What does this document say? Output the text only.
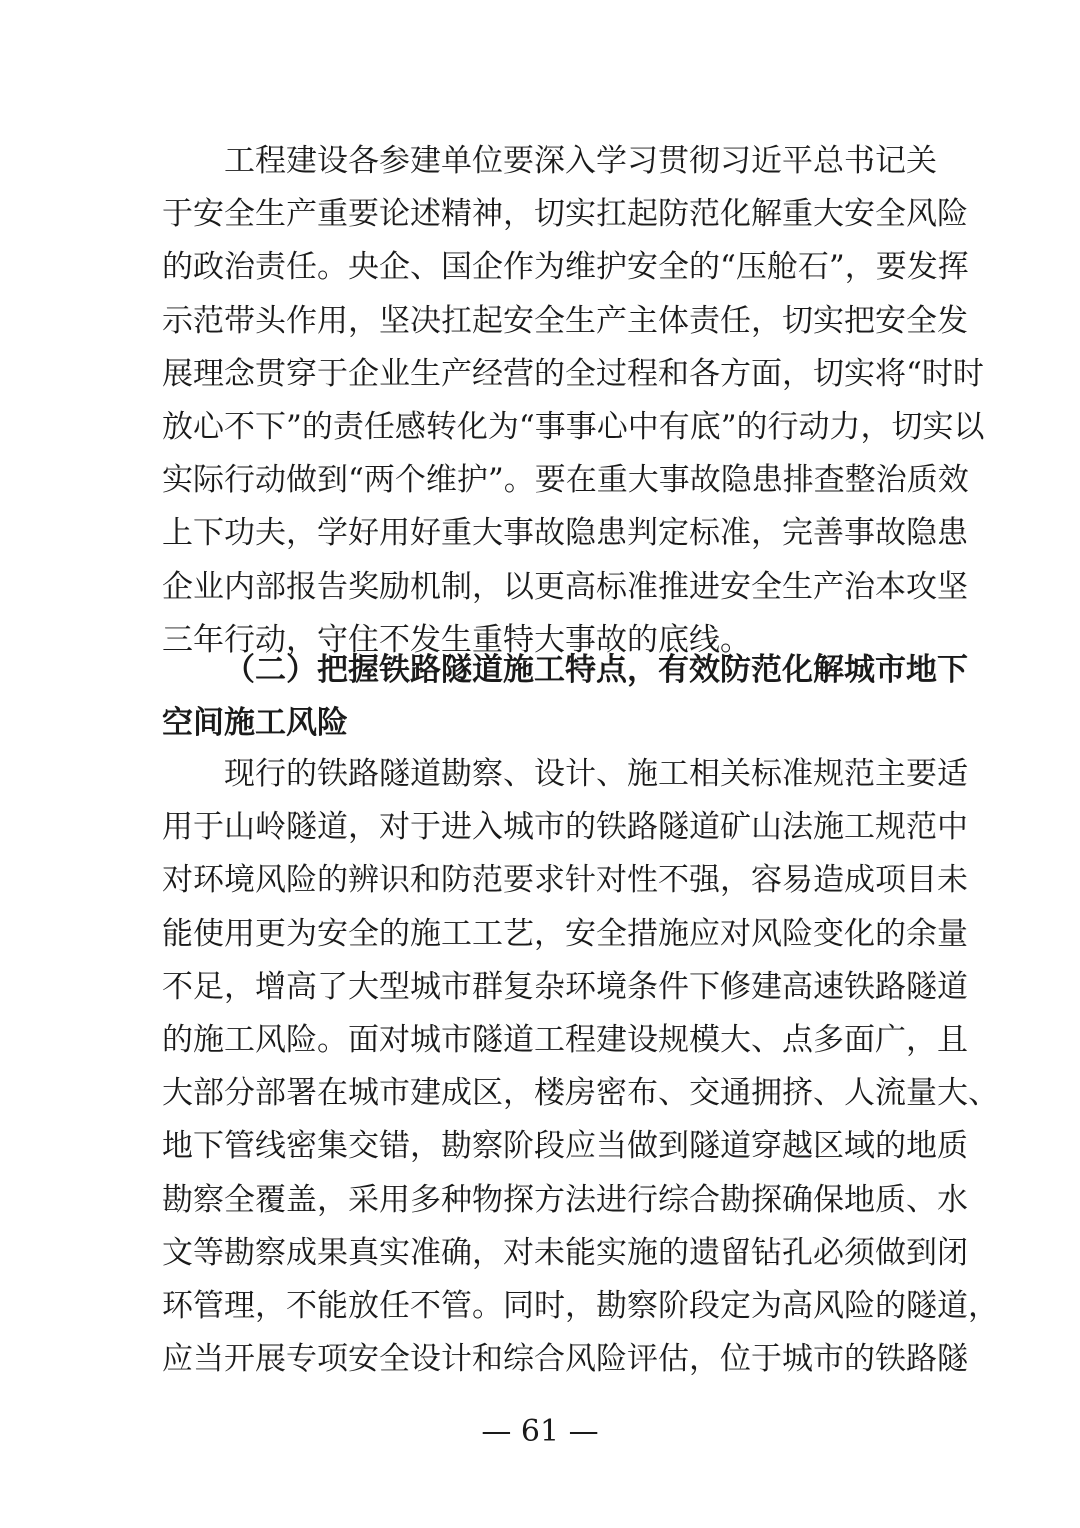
工程建设各参建单位要深入学习贯彻习近平总书记关
于安全生产重要论述精神，切实扛起防范化解重大安全风险
的政治责任。央企、国企作为维护安全的“压舱石”，要发挥
示范带头作用，坚决扛起安全生产主体责任，切实把安全发
展理念贯穿于企业生产经营的全过程和各方面，切实将“时时
放心不下”的责任感转化为“事事心中有底”的行动力，切实以
实际行动做到“两个维护”。要在重大事故隐患排查整治质效
上下功夫，学好用好重大事故隐患判定标准，完善事故隐患
企业内部报告奖励机制，以更高标准推进安全生产治本攻坚
三年行动，守住不发生重特大事故的底线。
（二）把握铁路隧道施工特点，有效防范化解城市地下
空间施工风险
现行的铁路隧道勘察、设计、施工相关标准规范主要适
用于山岭隧道，对于进入城市的铁路隧道矿山法施工规范中
对环境风险的辨识和防范要求针对性不强，容易造成项目未
能使用更为安全的施工工艺，安全措施应对风险变化的余量
不足，增高了大型城市群复杂环境条件下修建高速铁路隧道
的施工风险。面对城市隧道工程建设规模大、点多面广，且
大部分部署在城市建成区，楼房密布、交通拥挤、人流量大、
地下管线密集交错，勘察阶段应当做到隧道穿越区域的地质
勘察全覆盖，采用多种物探方法进行综合勘探确保地质、水
文等勘察成果真实准确，对未能实施的遗留钻孔必须做到闭
环管理，不能放任不管。同时，勘察阶段定为高风险的隧道，
应当开展专项安全设计和综合风险评估，位于城市的铁路隧
— 61 —
